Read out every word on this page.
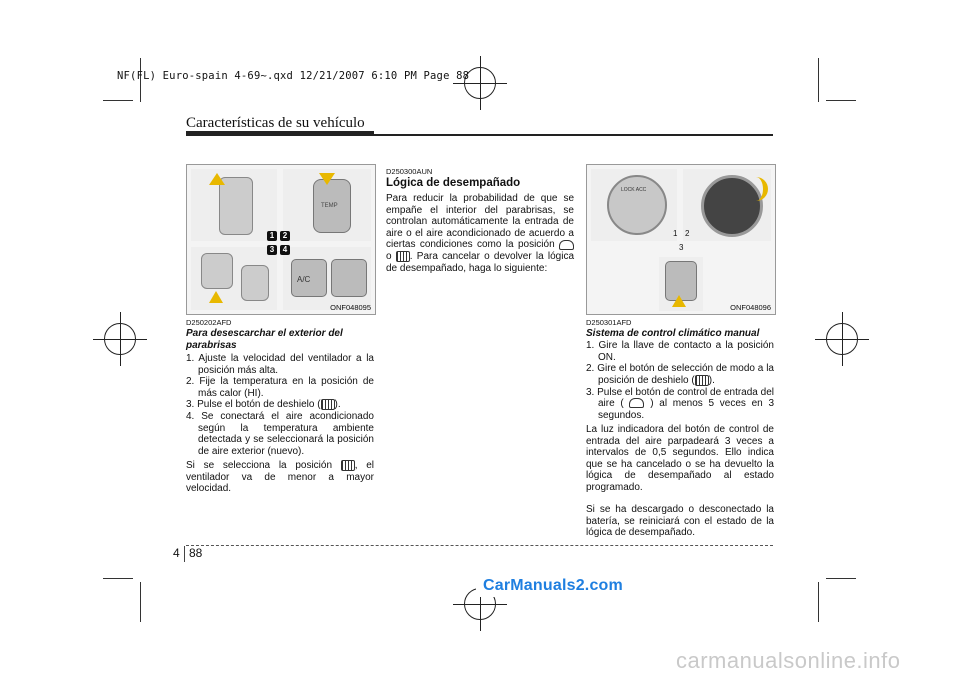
NF(FL) Euro-spain 4-69~.qxd 12/21/2007 6:10 PM Page 88
Características de su vehículo
TEMP
A/C
1	2
3	4
ONF048095
D250202AFD
Para desescarchar el exterior del parabrisas
1. Ajuste la velocidad del ventilador a la posición más alta.
2. Fije la temperatura en la posición de más calor (HI).
3. Pulse el botón de deshielo ( ).
4. Se conectará el aire acondicionado según la temperatura ambiente detectada y se seleccionará la posición de aire exterior (nuevo).
Si se selecciona la posición , el ventilador va de menor a mayor velocidad.
D250300AUN
Lógica de desempañado
Para reducir la probabilidad de que se empañe el interior del parabrisas, se controlan automáticamente la entrada de aire o el aire acondicionado de acuerdo a ciertas condiciones como la posición  o . Para cancelar o devolver la lógica de desempañado, haga lo siguiente:
LOCK ACC
1 2
3
ONF048096
D250301AFD
Sistema de control climático manual
1. Gire la llave de contacto a la posición ON.
2. Gire el botón de selección de modo a la posición de deshielo ( ).
3. Pulse el botón de control de entrada del aire (	) al menos 5 veces en 3 segundos.
La luz indicadora del botón de control de entrada del aire parpadeará 3 veces a intervalos de 0,5 segundos. Ello indica que se ha cancelado o se ha devuelto la lógica de desempañado al estado programado.
Si se ha descargado o desconectado la batería, se reiniciará con el estado de la lógica de desempañado.
4 88
CarManuals2.com
carmanualsonline.info
